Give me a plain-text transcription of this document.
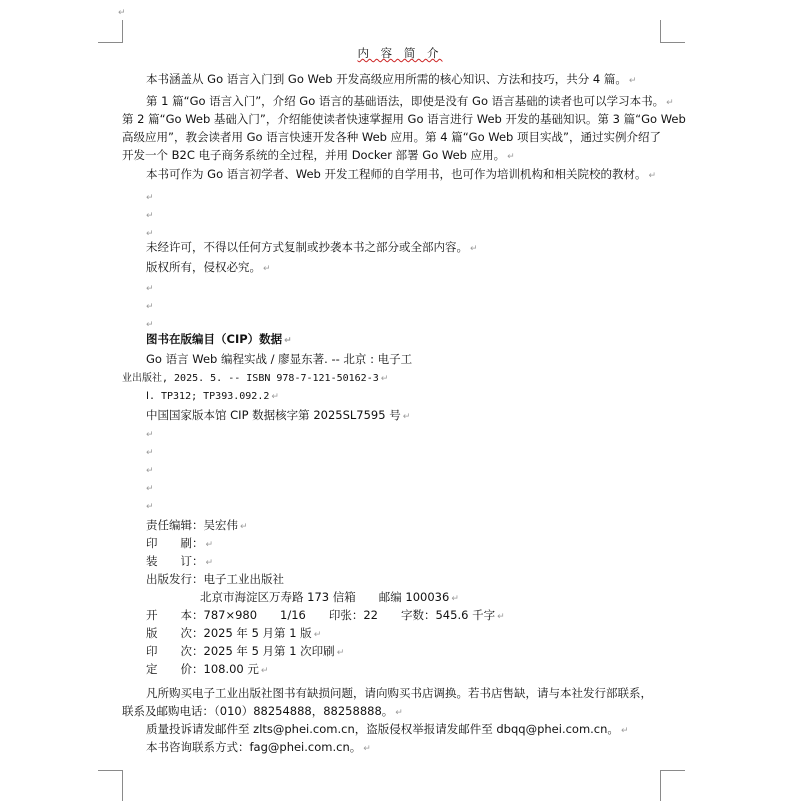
↵
内 容 简 介
本书涵盖从 Go 语言入门到 Go Web 开发高级应用所需的核心知识、方法和技巧，共分 4 篇。 ↵
第 1 篇“Go 语言入门”，介绍 Go 语言的基础语法，即使是没有 Go 语言基础的读者也可以学习本书。 ↵
第 2 篇“Go Web 基础入门”，介绍能使读者快速掌握用 Go 语言进行 Web 开发的基础知识。第 3 篇“Go Web
高级应用”，教会读者用 Go 语言快速开发各种 Web 应用。第 4 篇“Go Web 项目实战”，通过实例介绍了
开发一个 B2C 电子商务系统的全过程，并用 Docker 部署 Go Web 应用。 ↵
本书可作为 Go 语言初学者、Web 开发工程师的自学用书，也可作为培训机构和相关院校的教材。 ↵
↵
↵
↵
未经许可，不得以任何方式复制或抄袭本书之部分或全部内容。 ↵
版权所有，侵权必究。 ↵
↵
↵
↵
图书在版编目（CIP）数据 ↵
Go 语言 Web 编程实战 / 廖显东著. -- 北京 : 电子工
业出版社, 2025. 5. -- ISBN 978-7-121-50162-3 ↵
Ⅰ. TP312; TP393.092.2 ↵
中国国家版本馆 CIP 数据核字第 2025SL7595 号 ↵
↵
↵
↵
↵
↵
责任编辑：吴宏伟 ↵
印　　刷： ↵
装　　订： ↵
出版发行：电子工业出版社
北京市海淀区万寿路 173 信箱　　邮编 100036 ↵
开　　本：787×980　　1/16　　印张：22　　字数：545.6 千字 ↵
版　　次：2025 年 5 月第 1 版 ↵
印　　次：2025 年 5 月第 1 次印刷 ↵
定　　价：108.00 元 ↵
凡所购买电子工业出版社图书有缺损问题，请向购买书店调换。若书店售缺，请与本社发行部联系，
联系及邮购电话：（010）88254888，88258888。 ↵
质量投诉请发邮件至 zlts@phei.com.cn，盗版侵权举报请发邮件至 dbqq@phei.com.cn。 ↵
本书咨询联系方式：fag@phei.com.cn。 ↵
